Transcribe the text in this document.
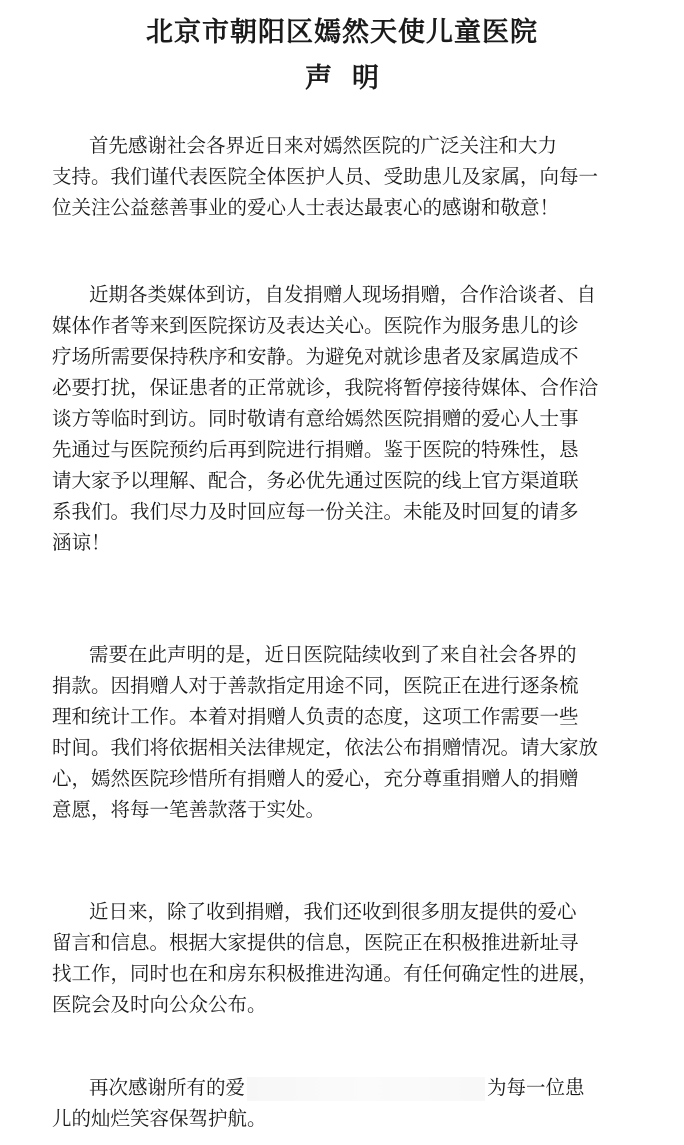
北京市朝阳区嫣然天使儿童医院
声明
首先感谢社会各界近日来对嫣然医院的广泛关注和大力
支持。我们谨代表医院全体医护人员、受助患儿及家属，向每一
位关注公益慈善事业的爱心人士表达最衷心的感谢和敬意！
近期各类媒体到访，自发捐赠人现场捐赠，合作洽谈者、自
媒体作者等来到医院探访及表达关心。医院作为服务患儿的诊
疗场所需要保持秩序和安静。为避免对就诊患者及家属造成不
必要打扰，保证患者的正常就诊，我院将暂停接待媒体、合作洽
谈方等临时到访。同时敬请有意给嫣然医院捐赠的爱心人士事
先通过与医院预约后再到院进行捐赠。鉴于医院的特殊性，恳
请大家予以理解、配合，务必优先通过医院的线上官方渠道联
系我们。我们尽力及时回应每一份关注。未能及时回复的请多
涵谅！
需要在此声明的是，近日医院陆续收到了来自社会各界的
捐款。因捐赠人对于善款指定用途不同，医院正在进行逐条梳
理和统计工作。本着对捐赠人负责的态度，这项工作需要一些
时间。我们将依据相关法律规定，依法公布捐赠情况。请大家放
心，嫣然医院珍惜所有捐赠人的爱心，充分尊重捐赠人的捐赠
意愿，将每一笔善款落于实处。
近日来，除了收到捐赠，我们还收到很多朋友提供的爱心
留言和信息。根据大家提供的信息，医院正在积极推进新址寻
找工作，同时也在和房东积极推进沟通。有任何确定性的进展，
医院会及时向公众公布。
再次感谢所有的爱	为每一位患
儿的灿烂笑容保驾护航。
